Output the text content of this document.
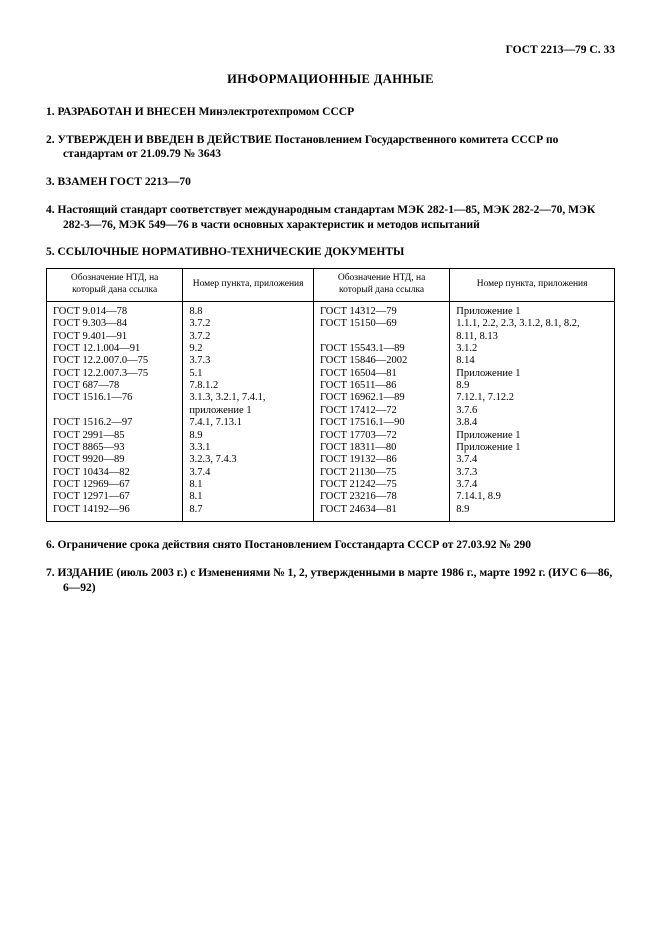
ГОСТ 2213—79 С. 33

ИНФОРМАЦИОННЫЕ ДАННЫЕ

1. РАЗРАБОТАН И ВНЕСЕН Минэлектротехпромом СССР

2. УТВЕРЖДЕН И ВВЕДЕН В ДЕЙСТВИЕ Постановлением Государственного комитета СССР по стандартам от 21.09.79 № 3643

3. ВЗАМЕН ГОСТ 2213—70

4. Настоящий стандарт соответствует международным стандартам МЭК 282-1—85, МЭК 282-2—70, МЭК 282-3—76, МЭК 549—76 в части основных характеристик и методов испытаний

5. ССЫЛОЧНЫЕ НОРМАТИВНО-ТЕХНИЧЕСКИЕ ДОКУМЕНТЫ

Обозначение НТД, на который дана ссылка	Номер пункта, приложения	Обозначение НТД, на который дана ссылка	Номер пункта, приложения
ГОСТ 9.014—78	8.8	ГОСТ 14312—79	Приложение 1
ГОСТ 9.303—84	3.7.2	ГОСТ 15150—69	1.1.1, 2.2, 2.3, 3.1.2, 8.1, 8.2,
ГОСТ 9.401—91	3.7.2		8.11, 8.13
ГОСТ 12.1.004—91	9.2	ГОСТ 15543.1—89	3.1.2
ГОСТ 12.2.007.0—75	3.7.3	ГОСТ 15846—2002	8.14
ГОСТ 12.2.007.3—75	5.1	ГОСТ 16504—81	Приложение 1
ГОСТ 687—78	7.8.1.2	ГОСТ 16511—86	8.9
ГОСТ 1516.1—76	3.1.3, 3.2.1, 7.4.1,	ГОСТ 16962.1—89	7.12.1, 7.12.2
	приложение 1	ГОСТ 17412—72	3.7.6
ГОСТ 1516.2—97	7.4.1, 7.13.1	ГОСТ 17516.1—90	3.8.4
ГОСТ 2991—85	8.9	ГОСТ 17703—72	Приложение 1
ГОСТ 8865—93	3.3.1	ГОСТ 18311—80	Приложение 1
ГОСТ 9920—89	3.2.3, 7.4.3	ГОСТ 19132—86	3.7.4
ГОСТ 10434—82	3.7.4	ГОСТ 21130—75	3.7.3
ГОСТ 12969—67	8.1	ГОСТ 21242—75	3.7.4
ГОСТ 12971—67	8.1	ГОСТ 23216—78	7.14.1, 8.9
ГОСТ 14192—96	8.7	ГОСТ 24634—81	8.9

6. Ограничение срока действия снято Постановлением Госстандарта СССР от 27.03.92 № 290

7. ИЗДАНИЕ (июль 2003 г.) с Изменениями № 1, 2, утвержденными в марте 1986 г., марте 1992 г. (ИУС 6—86, 6—92)
